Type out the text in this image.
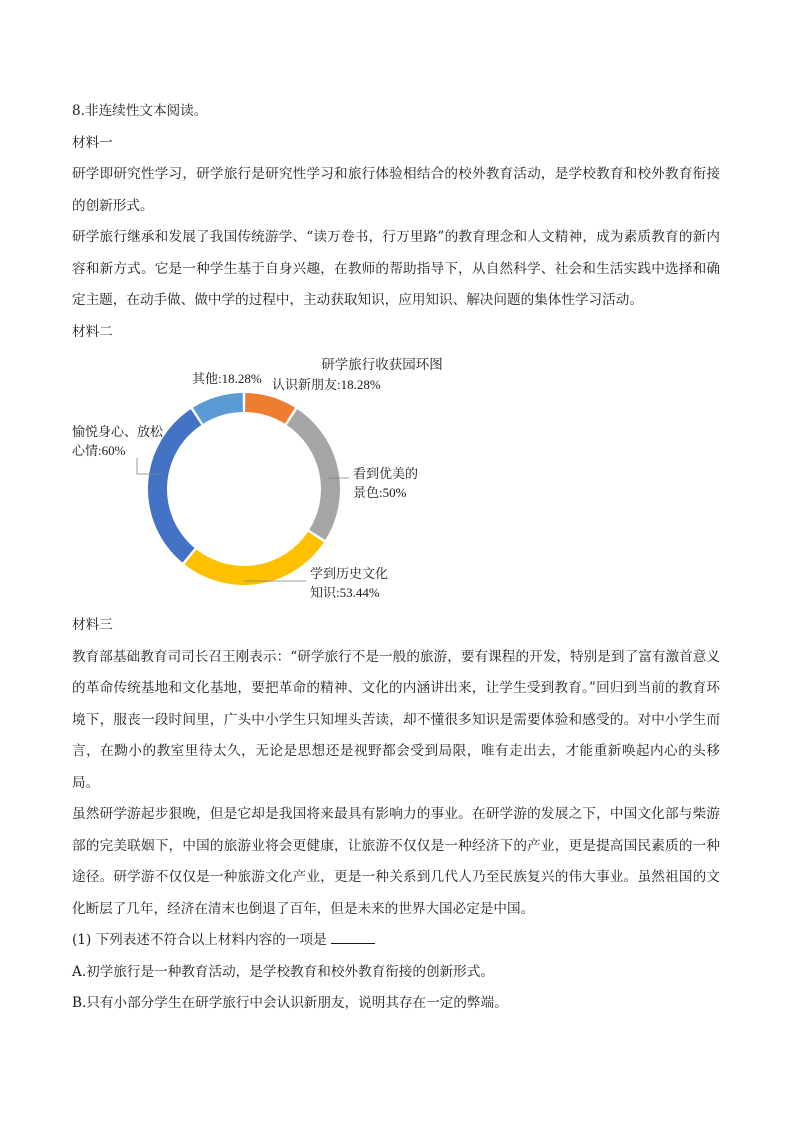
8.非连续性文本阅读。

材料一

研学即研究性学习，研学旅行是研究性学习和旅行体验相结合的校外教育活动，是学校教育和校外教育衔接的创新形式。

研学旅行继承和发展了我国传统游学、“读万卷书，行万里路”的教育理念和人文精神，成为素质教育的新内容和新方式。它是一种学生基于自身兴趣，在教师的帮助指导下，从自然科学、社会和生活实践中选择和确定主题，在动手做、做中学的过程中，主动获取知识，应用知识、解决问题的集体性学习活动。

材料二

研学旅行收获园环图
认识新朋友:18.28%
看到优美的景色:50%
学到历史文化知识:53.44%
愉悦身心、放松心情:60%
其他:18.28%

材料三

教育部基础教育司司长召王刚表示：“研学旅行不是一般的旅游，要有课程的开发，特别是到了富有激首意义的革命传统基地和文化基地，要把革命的精神、文化的内涵讲出来，让学生受到教育。”回归到当前的教育环境下，服丧一段时间里，广头中小学生只知埋头苦读，却不懂很多知识是需要体验和感受的。对中小学生而言，在黝小的教室里待太久，无论是思想还是视野都会受到局限，唯有走出去，才能重新唤起内心的头移局。

虽然研学游起步狠晚，但是它却是我国将来最具有影响力的事业。在研学游的发展之下，中国文化部与柴游部的完美联姻下，中国的旅游业将会更健康，让旅游不仅仅是一种经济下的产业，更是提高国民素质的一种途径。研学游不仅仅是一种旅游文化产业，更是一种关系到几代人乃至民族复兴的伟大事业。虽然祖国的文化断层了几年，经济在清末也倒退了百年，但是未来的世界大国必定是中国。

(1) 下列表述不符合以上材料内容的一项是

A.初学旅行是一种教育活动，是学校教育和校外教育衔接的创新形式。

B.只有小部分学生在研学旅行中会认识新朋友，说明其存在一定的弊端。
